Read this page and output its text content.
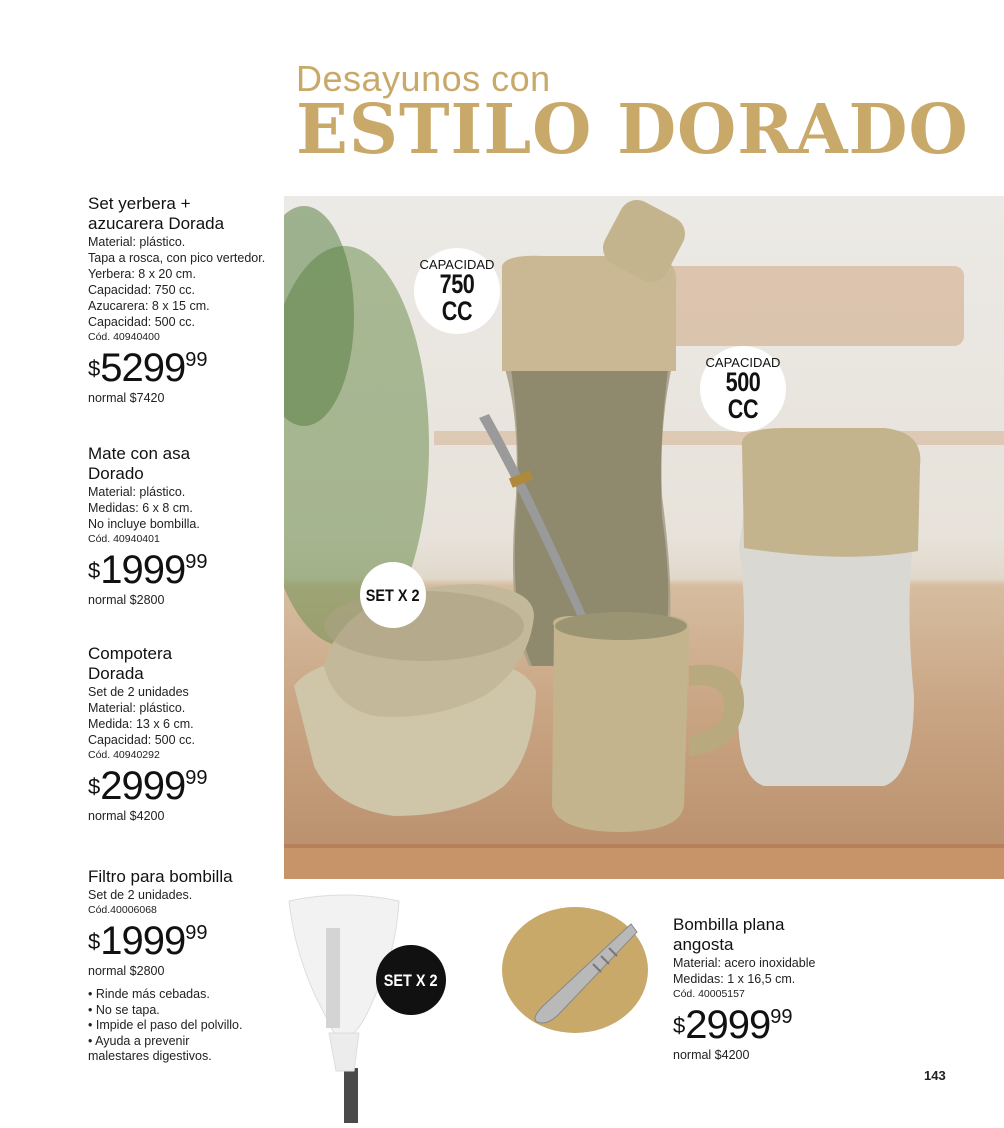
Desayunos con
ESTILO DORADO
Set yerbera +
azucarera Dorada
Material: plástico.
Tapa a rosca, con pico vertedor.
Yerbera: 8 x 20 cm.
Capacidad: 750 cc.
Azucarera: 8 x 15 cm.
Capacidad: 500 cc.
Cód. 40940400
$529999
normal $7420
Mate con asa
Dorado
Material: plástico.
Medidas: 6 x 8 cm.
No incluye bombilla.
Cód. 40940401
$199999
normal $2800
Compotera
Dorada
Set de 2 unidades
Material: plástico.
Medida: 13 x 6 cm.
Capacidad: 500 cc.
Cód. 40940292
$299999
normal $4200
Filtro para bombilla
Set de 2 unidades.
Cód.40006068
$199999
normal $2800
• Rinde más cebadas.
• No se tapa.
• Impide el paso del polvillo.
• Ayuda a prevenir
malestares digestivos.
Bombilla plana
angosta
Material: acero inoxidable
Medidas: 1 x 16,5 cm.
Cód. 40005157
$299999
normal $4200
CAPACIDAD
750 CC
CAPACIDAD
500 CC
SET X 2
SET X 2
143
